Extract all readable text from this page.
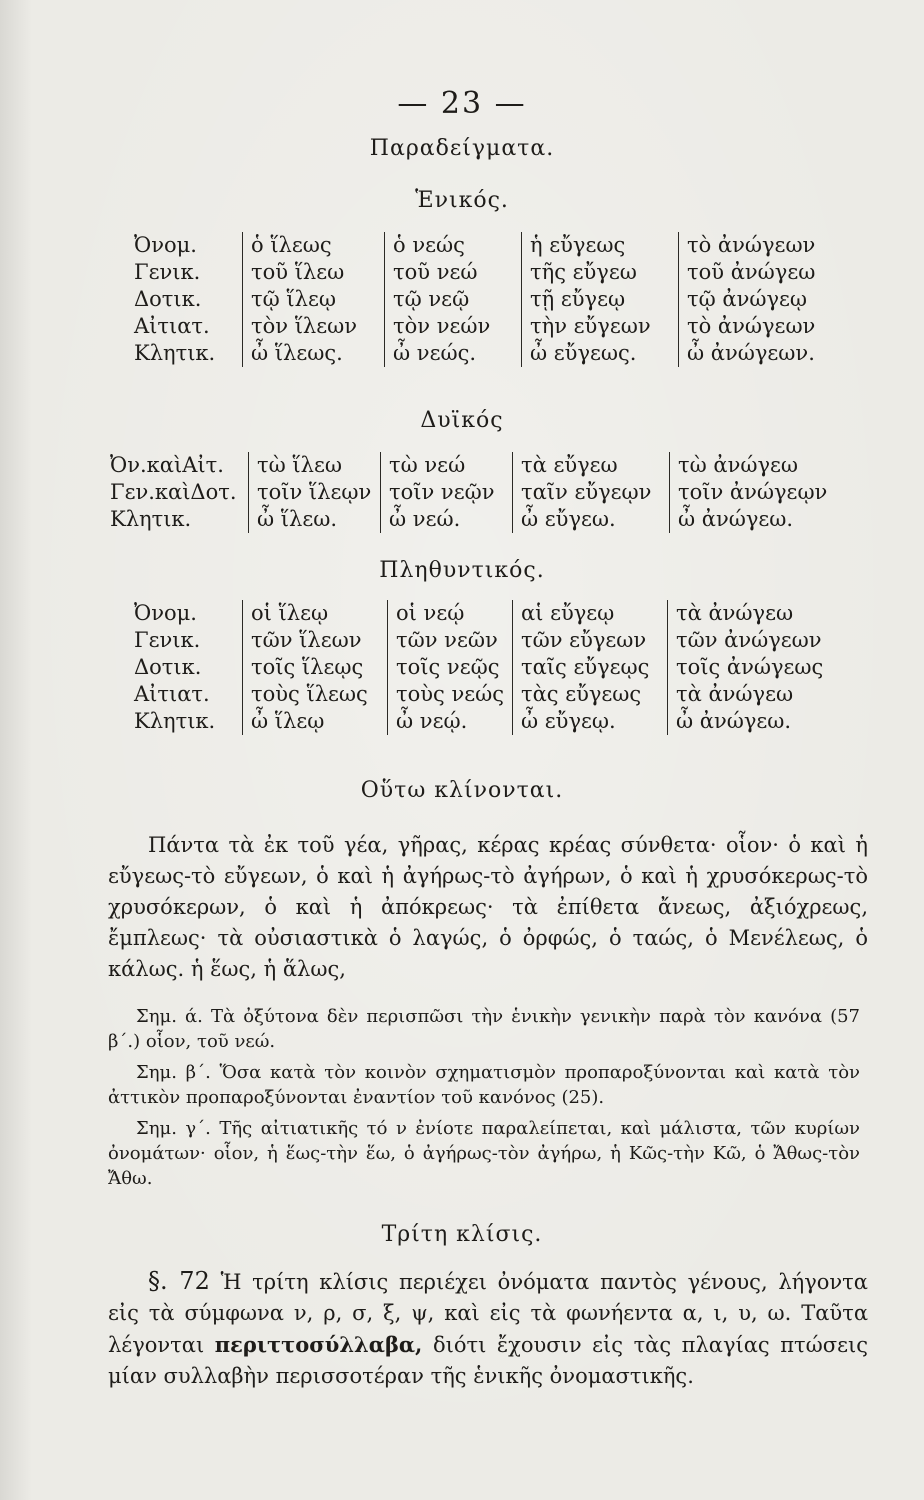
— 23 —
Παραδείγματα.
Ἑνικός.
Ὀνομ.	ὁ ἵλεως	ὁ νεώς	ἡ εὔγεως	τὸ ἀνώγεων
Γενικ.	τοῦ ἵλεω	τοῦ νεώ	τῆς εὔγεω	τοῦ ἀνώγεω
Δοτικ.	τῷ ἵλεῳ	τῷ νεῷ	τῇ εὔγεῳ	τῷ ἀνώγεῳ
Αἰτιατ.	τὸν ἵλεων	τὸν νεών	τὴν εὔγεων	τὸ ἀνώγεων
Κλητικ.	ὦ ἵλεως.	ὦ νεώς.	ὦ εὔγεως.	ὦ ἀνώγεων.
Δυϊκός
Ὀν.καὶΑἰτ.	τὼ ἵλεω	τὼ νεώ	τὰ εὔγεω	τὼ ἀνώγεω
Γεν.καὶΔοτ.	τοῖν ἵλεῳν	τοῖν νεῷν	ταῖν εὔγεῳν	τοῖν ἀνώγεῳν
Κλητικ.	ὦ ἵλεω.	ὦ νεώ.	ὦ εὔγεω.	ὦ ἀνώγεω.
Πληθυντικός.
Ὀνομ.	οἱ ἵλεῳ	οἱ νεῴ	αἱ εὔγεῳ	τὰ ἀνώγεω
Γενικ.	τῶν ἵλεων	τῶν νεῶν	τῶν εὔγεων	τῶν ἀνώγεων
Δοτικ.	τοῖς ἵλεῳς	τοῖς νεῷς	ταῖς εὔγεῳς	τοῖς ἀνώγεως
Αἰτιατ.	τοὺς ἵλεως	τοὺς νεώς	τὰς εὔγεως	τὰ ἀνώγεω
Κλητικ.	ὦ ἵλεῳ	ὦ νεῴ.	ὦ εὔγεῳ.	ὦ ἀνώγεω.
Οὕτω κλίνονται.

Πάντα τὰ ἐκ τοῦ γέα, γῆρας, κέρας κρέας σύνθετα· οἷον· ὁ καὶ ἡ εὔγεως-τὸ εὔγεων, ὁ καὶ ἡ ἀγήρως-τὸ ἀγήρων, ὁ καὶ ἡ χρυσόκερως-τὸ χρυσόκερων, ὁ καὶ ἡ ἀπόκρεως· τὰ ἐπίθετα ἄνεως, ἀξιόχρεως, ἔμπλεως· τὰ οὐσιαστικὰ ὁ λαγώς, ὁ ὀρφώς, ὁ ταώς, ὁ Μενέλεως, ὁ κάλως. ἡ ἕως, ἡ ἅλως,

Σημ. ά. Τὰ ὀξύτονα δὲν περισπῶσι τὴν ἑνικὴν γενικὴν παρὰ τὸν κανόνα (57 β΄.) οἷον, τοῦ νεώ.

Σημ. β΄. Ὅσα κατὰ τὸν κοινὸν σχηματισμὸν προπαροξύνονται καὶ κατὰ τὸν ἀττικὸν προπαροξύνονται ἐναντίον τοῦ κανόνος (25).

Σημ. γ΄. Τῆς αἰτιατικῆς τό ν ἐνίοτε παραλείπεται, καὶ μάλιστα, τῶν κυρίων ὀνομάτων· οἷον, ἡ ἕως-τὴν ἕω, ὁ ἀγήρως-τὸν ἀγήρω, ἡ Κῶς-τὴν Κῶ, ὁ Ἄθως-τὸν Ἄθω.

Τρίτη κλίσις.

§. 72 Ἡ τρίτη κλίσις περιέχει ὀνόματα παντὸς γένους, λήγοντα εἰς τὰ σύμφωνα ν, ρ, σ, ξ, ψ, καὶ εἰς τὰ φωνήεντα α, ι, υ, ω. Ταῦτα λέγονται περιττοσύλλαβα, διότι ἔχουσιν εἰς τὰς πλαγίας πτώσεις μίαν συλλαβὴν περισσοτέραν τῆς ἑνικῆς ὀνομαστικῆς.
